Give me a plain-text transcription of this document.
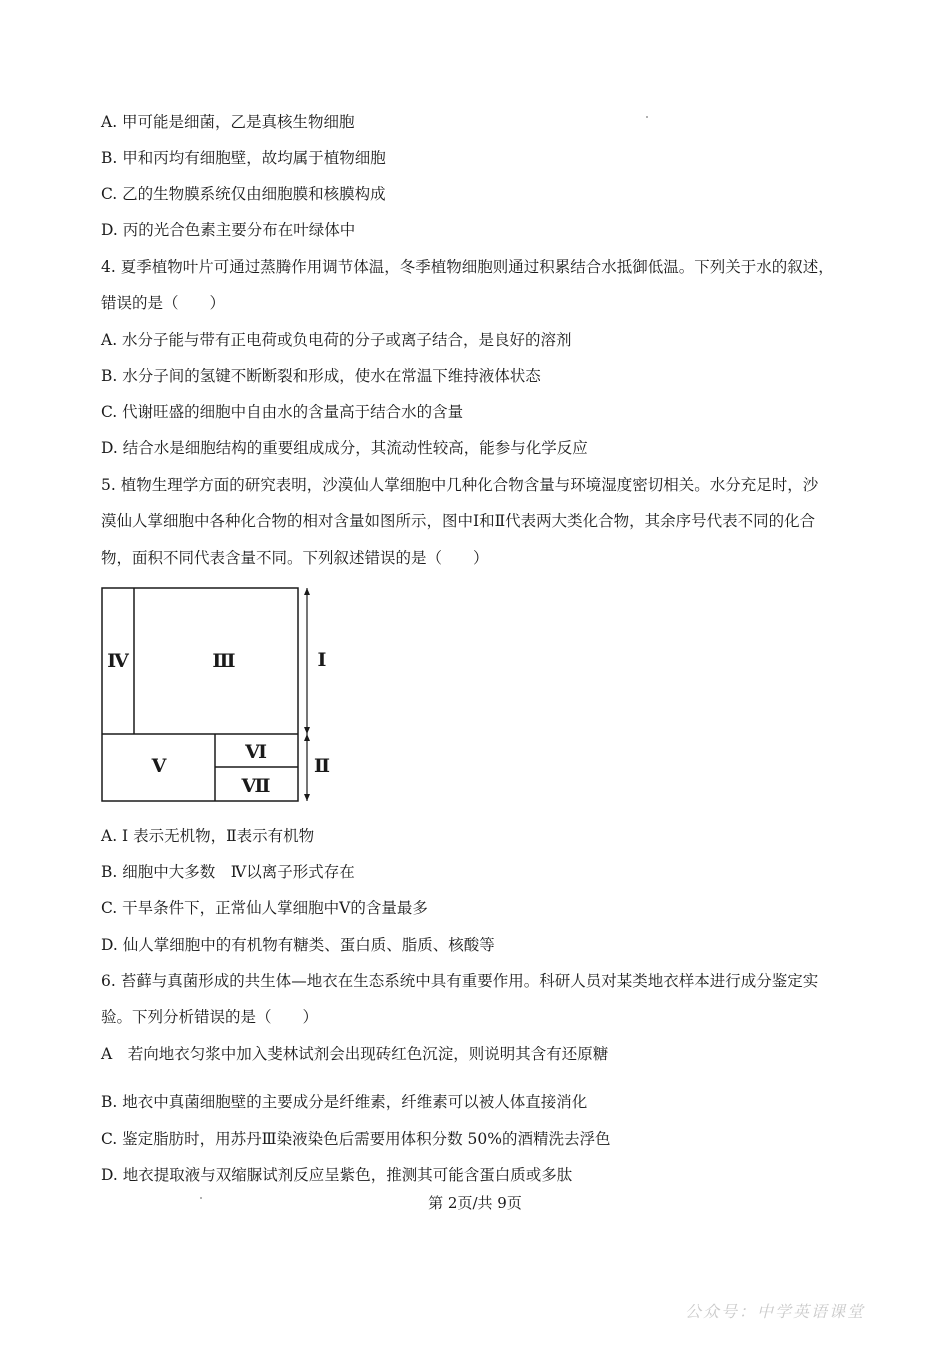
A. 甲可能是细菌，乙是真核生物细胞
B. 甲和丙均有细胞壁，故均属于植物细胞
C. 乙的生物膜系统仅由细胞膜和核膜构成
D. 丙的光合色素主要分布在叶绿体中
4. 夏季植物叶片可通过蒸腾作用调节体温，冬季植物细胞则通过积累结合水抵御低温。下列关于水的叙述，
错误的是（　　）
A. 水分子能与带有正电荷或负电荷的分子或离子结合，是良好的溶剂
B. 水分子间的氢键不断断裂和形成，使水在常温下维持液体状态
C. 代谢旺盛的细胞中自由水的含量高于结合水的含量
D. 结合水是细胞结构的重要组成成分，其流动性较高，能参与化学反应
5. 植物生理学方面的研究表明，沙漠仙人掌细胞中几种化合物含量与环境湿度密切相关。水分充足时，沙
漠仙人掌细胞中各种化合物的相对含量如图所示，图中Ⅰ和Ⅱ代表两大类化合物，其余序号代表不同的化合
物，面积不同代表含量不同。下列叙述错误的是（　　）
Ⅳ	Ⅲ	Ⅰ
Ⅴ
Ⅵ
Ⅶ
Ⅱ
A. I 表示无机物，Ⅱ表示有机物
B. 细胞中大多数　Ⅳ以离子形式存在
C. 干旱条件下，正常仙人掌细胞中Ⅴ的含量最多
D. 仙人掌细胞中的有机物有糖类、蛋白质、脂质、核酸等
6. 苔藓与真菌形成的共生体—地衣在生态系统中具有重要作用。科研人员对某类地衣样本进行成分鉴定实
验。下列分析错误的是（　　）
A　若向地衣匀浆中加入斐林试剂会出现砖红色沉淀，则说明其含有还原糖
B. 地衣中真菌细胞壁的主要成分是纤维素，纤维素可以被人体直接消化
C. 鉴定脂肪时，用苏丹Ⅲ染液染色后需要用体积分数 50%的酒精洗去浮色
D. 地衣提取液与双缩脲试剂反应呈紫色，推测其可能含蛋白质或多肽
第 2页/共 9页
公众号：中学英语课堂
